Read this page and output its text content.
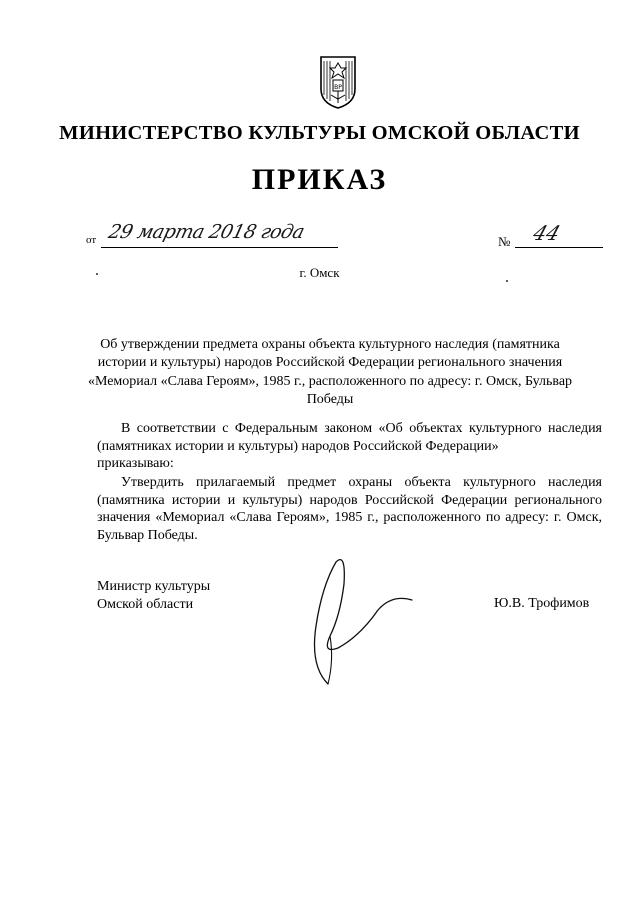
ВР
МИНИСТЕРСТВО КУЛЬТУРЫ ОМСКОЙ ОБЛАСТИ
ПРИКАЗ
от 29 марта 2018 года	№ 44
г. Омск
Об утверждении предмета охраны объекта культурного наследия (памятника истории и культуры) народов Российской Федерации регионального значения «Мемориал «Слава Героям», 1985 г., расположенного по адресу: г. Омск, Бульвар Победы
В соответствии с Федеральным законом «Об объектах культурного наследия (памятниках истории и культуры) народов Российской Федерации»
приказываю:
Утвердить прилагаемый предмет охраны объекта культурного наследия (памятника истории и культуры) народов Российской Федерации регионального значения «Мемориал «Слава Героям», 1985 г., расположенного по адресу: г. Омск, Бульвар Победы.
Министр культуры
Омской области	Ю.В. Трофимов
